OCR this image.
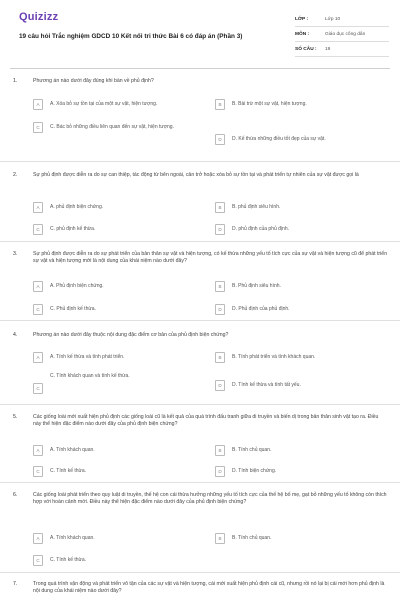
Quizizz
19 câu hỏi Trắc nghiệm GDCD 10 Kết nối tri thức Bài 6 có đáp án (Phần 3)
LỚP :	Lớp 10
MÔN :	Giáo dục công dân
SỐ CÂU :	19
1.	Phương án nào dưới đây đúng khi bàn về phủ định?
A	A. Xóa bỏ sự tồn tại của một sự vật, hiện tượng.	B	B. Bài trừ một sự vật, hiện tượng.
C	C. Bác bỏ những điều liên quan đến sự vật, hiện tượng.
D	D. Kế thừa những điều tốt đẹp của sự vật.
2.	Sự phủ định được diễn ra do sự can thiệp, tác động từ bên ngoài, cản trở hoặc xóa bỏ sự tồn tại và phát triển tự nhiên của sự vật được gọi là
A	A. phủ định biện chứng.	B	B. phủ định siêu hình.
C	C. phủ định kế thừa.	D	D. phủ định của phủ định.
3.	Sự phủ định được diễn ra do sự phát triển của bản thân sự vật và hiện tượng, có kế thừa những yếu tố tích cực của sự vật và hiện tượng cũ để phát triển sự vật và hiện tượng mới là nội dung của khái niệm nào dưới đây?
A	A. Phủ định biện chứng.	B	B. Phủ định siêu hình.
C	C. Phủ định kế thừa.	D	D. Phủ định của phủ định.
4.	Phương án nào dưới đây thuộc nội dung đặc điểm cơ bản của phủ định biện chứng?
A	A. Tính kế thừa và tính phát triển.	B	B. Tính phát triển và tính khách quan.
C
C. Tính khách quan và tính kế thừa.
D	D. Tính kế thừa và tính tất yếu.
5.	Các giống loài mới xuất hiện phủ định các giống loài cũ là kết quả của quá trình đấu tranh giữa di truyền và biến dị trong bản thân sinh vật tạo ra. Điều này thể hiện đặc điểm nào dưới đây của phủ định biện chứng?
A	A. Tính khách quan.	B	B. Tính chủ quan.
C	C. Tính kế thừa.	D	D. Tính biện chứng.
6.	Các giống loài phát triển theo quy luật di truyền, thế hệ con cái thừa hưởng những yếu tố tích cực của thế hệ bố mẹ, gạt bỏ những yếu tố không còn thích hợp với hoàn cảnh mới. Điều này thể hiện đặc điểm nào dưới đây của phủ định biện chứng?
A	A. Tính khách quan.	B	B. Tính chủ quan.
C	C. Tính kế thừa.
7.	Trong quá trình vận động và phát triển vô tận của các sự vật và hiện tượng, cái mới xuất hiện phủ định cái cũ, nhưng rồi nó lại bị cái mới hơn phủ định là nội dung của khái niệm nào dưới đây?
